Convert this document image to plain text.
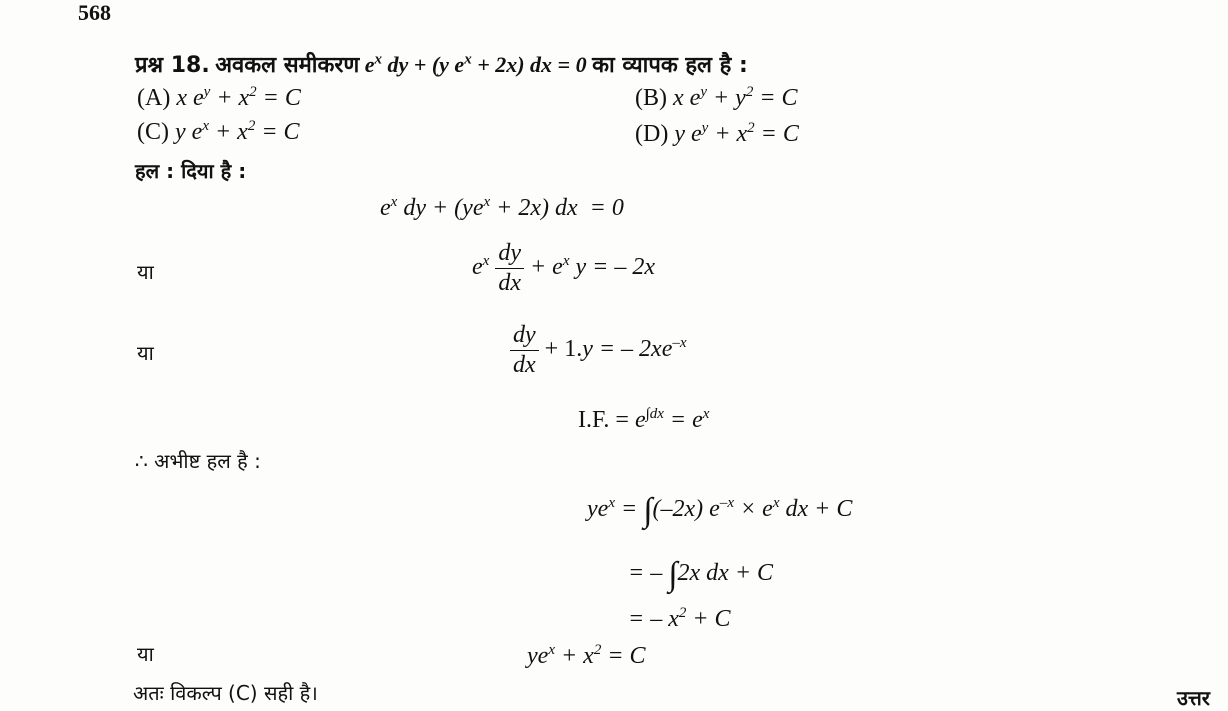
568
प्रश्न 18. अवकल समीकरण $e^x$ dy + (y $e^x + 2x$) dx = 0 का व्यापक हल है :
(A) x $e^y + x^2 = C$	(B) x $e^y + y^2 = C$
(C) y $e^x + x^2 = C$	(D) y $e^y + x^2 = C$
हल : दिया है :
$e^x$ dy + $(ye^x + 2x)$ dx  = 0
या	$e^x \frac{dy}{dx} + e^x$ y = – 2x
या	$\frac{dy}{dx} + 1.y$ = – $2xe^{-x}$
I.F. = $e^{\int dx} = e^x$
∴ अभीष्ट हल है :
$ye^x = \int(-2x) e^{-x} \times e^x$ dx + C
= – ∫2x dx + C
= – $x^2 + C$
या	$ye^x + x^2 = C$
अतः विकल्प (C) सही है।	उत्तर
